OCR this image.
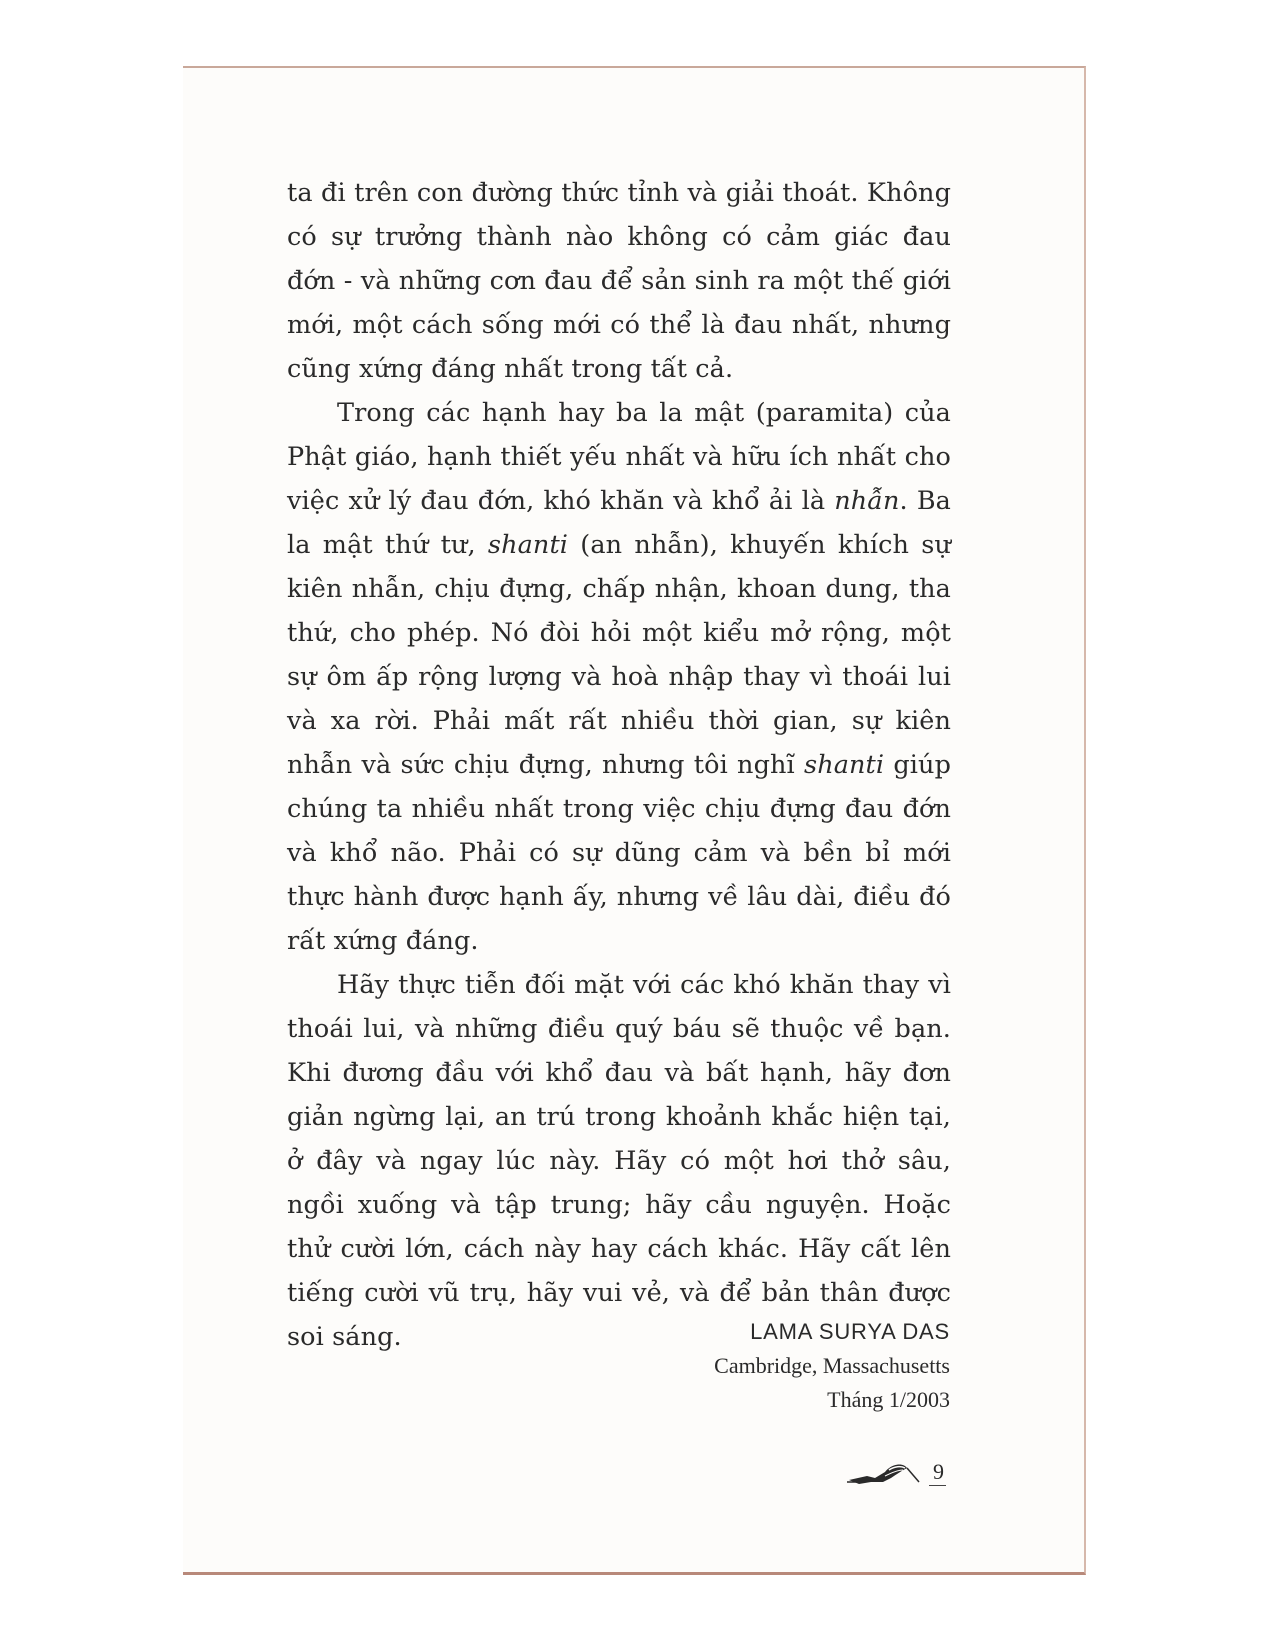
ta đi trên con đường thức tỉnh và giải thoát. Không có sự trưởng thành nào không có cảm giác đau đớn - và những cơn đau để sản sinh ra một thế giới mới, một cách sống mới có thể là đau nhất, nhưng cũng xứng đáng nhất trong tất cả.

Trong các hạnh hay ba la mật (paramita) của Phật giáo, hạnh thiết yếu nhất và hữu ích nhất cho việc xử lý đau đớn, khó khăn và khổ ải là nhẫn. Ba la mật thứ tư, shanti (an nhẫn), khuyến khích sự kiên nhẫn, chịu đựng, chấp nhận, khoan dung, tha thứ, cho phép. Nó đòi hỏi một kiểu mở rộng, một sự ôm ấp rộng lượng và hoà nhập thay vì thoái lui và xa rời. Phải mất rất nhiều thời gian, sự kiên nhẫn và sức chịu đựng, nhưng tôi nghĩ shanti giúp chúng ta nhiều nhất trong việc chịu đựng đau đớn và khổ não. Phải có sự dũng cảm và bền bỉ mới thực hành được hạnh ấy, nhưng về lâu dài, điều đó rất xứng đáng.

Hãy thực tiễn đối mặt với các khó khăn thay vì thoái lui, và những điều quý báu sẽ thuộc về bạn. Khi đương đầu với khổ đau và bất hạnh, hãy đơn giản ngừng lại, an trú trong khoảnh khắc hiện tại, ở đây và ngay lúc này. Hãy có một hơi thở sâu, ngồi xuống và tập trung; hãy cầu nguyện. Hoặc thử cười lớn, cách này hay cách khác. Hãy cất lên tiếng cười vũ trụ, hãy vui vẻ, và để bản thân được soi sáng.	LAMA SURYA DAS
Cambridge, Massachusetts
Tháng 1/2003
9
